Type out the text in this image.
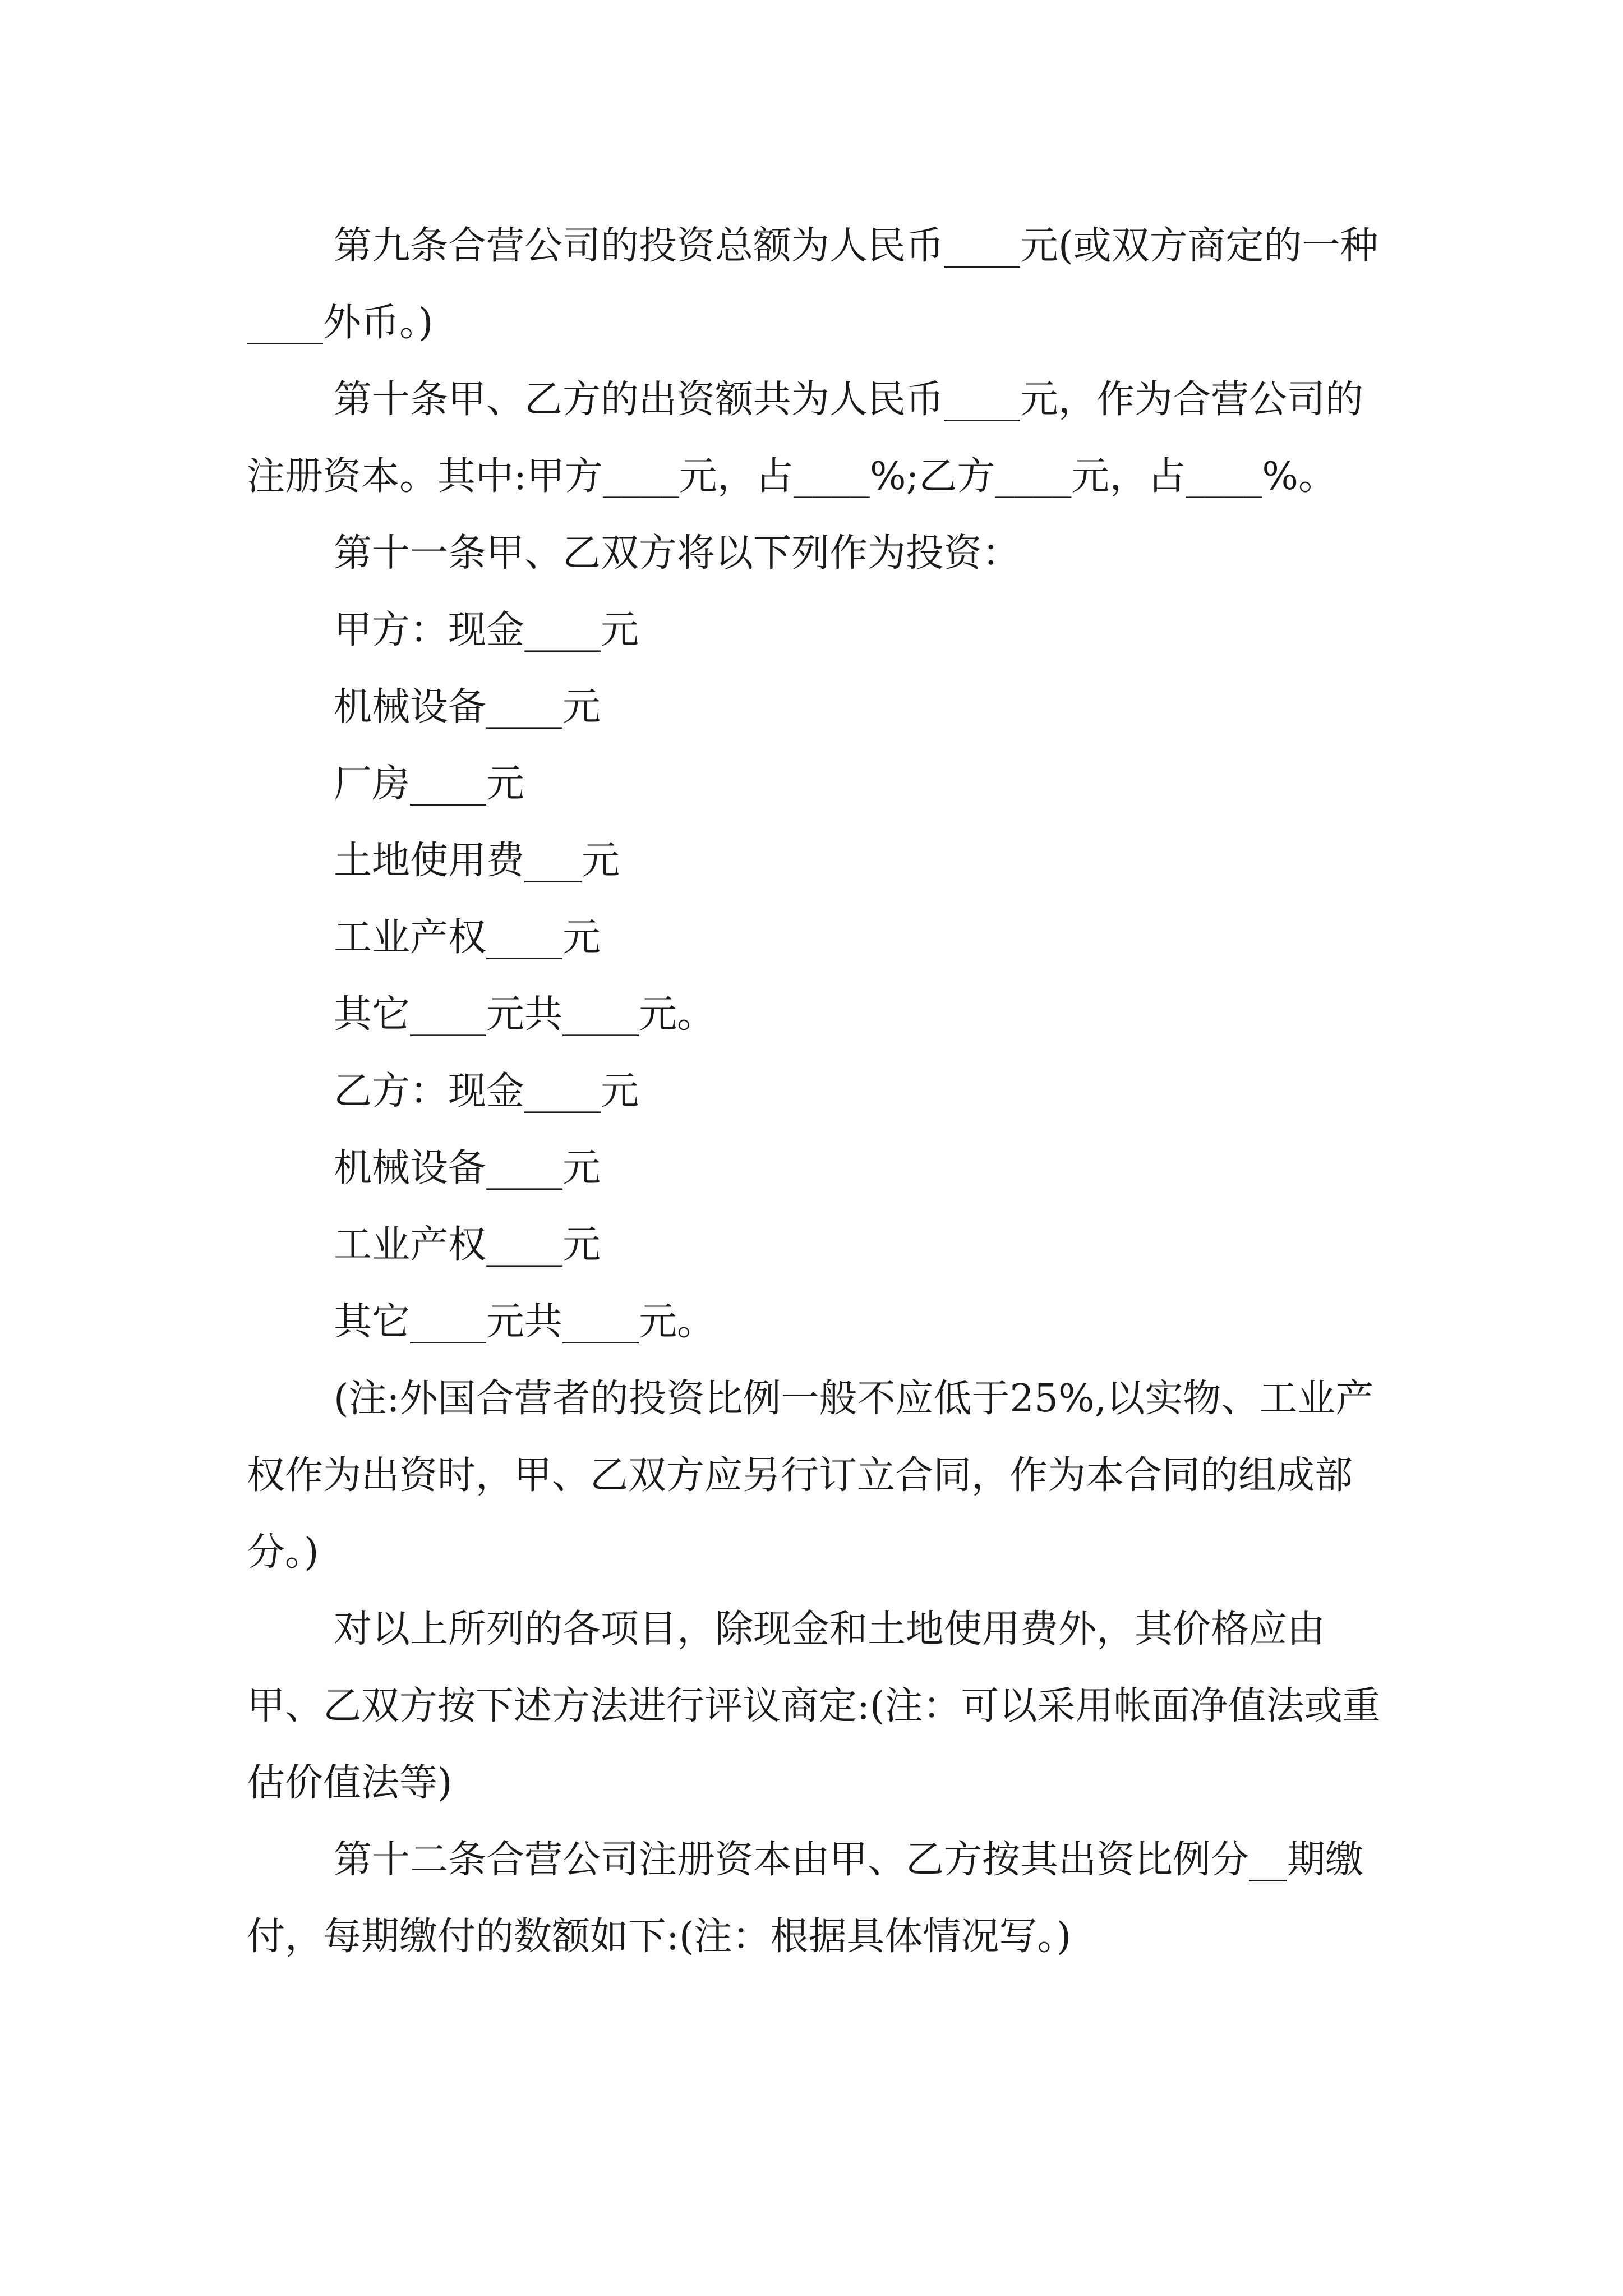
第九条合营公司的投资总额为人民币____元(或双方商定的一种____外币。)

第十条甲、乙方的出资额共为人民币____元，作为合营公司的注册资本。其中:甲方____元，占____%;乙方____元，占____%。

第十一条甲、乙双方将以下列作为投资：

甲方：现金____元

机械设备____元

厂房____元

土地使用费___元

工业产权____元

其它____元共____元。

乙方：现金____元

机械设备____元

工业产权____元

其它____元共____元。

(注:外国合营者的投资比例一般不应低于25%,以实物、工业产权作为出资时，甲、乙双方应另行订立合同，作为本合同的组成部分。)

对以上所列的各项目，除现金和土地使用费外，其价格应由甲、乙双方按下述方法进行评议商定:(注：可以采用帐面净值法或重估价值法等)

第十二条合营公司注册资本由甲、乙方按其出资比例分__期缴付，每期缴付的数额如下:(注：根据具体情况写。)
